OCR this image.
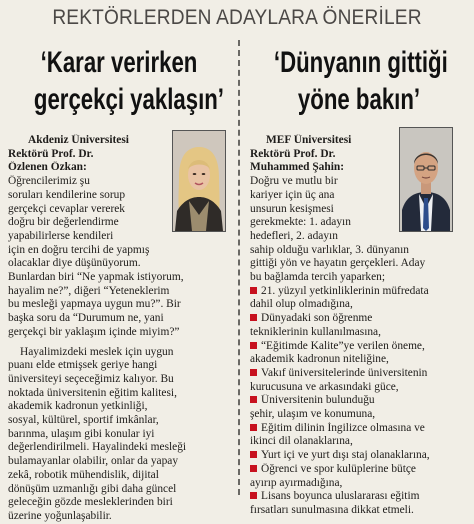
REKTÖRLERDEN ADAYLARA ÖNERİLER
‘Karar verirken
gerçekçi yaklaşın’
‘Dünyanın gittiği
yöne bakın’
Akdeniz Üniversitesi
Rektörü Prof. Dr.
Özlenen Özkan:
Öğrencilerimiz şu
soruları kendilerine sorup
gerçekçi cevaplar vererek
doğru bir değerlendirme
yapabilirlerse kendileri
için en doğru tercihi de yapmış
olacaklar diye düşünüyorum.
Bunlardan biri “Ne yapmak istiyorum,
hayalim ne?”, diğeri “Yeteneklerim
bu mesleği yapmaya uygun mu?”. Bir
başka soru da “Durumum ne, yani
gerçekçi bir yaklaşım içinde miyim?”
Hayalimizdeki meslek için uygun
puanı elde etmişsek geriye hangi
üniversiteyi seçeceğimiz kalıyor. Bu
noktada üniversitenin eğitim kalitesi,
akademik kadronun yetkinliği,
sosyal, kültürel, sportif imkânlar,
barınma, ulaşım gibi konular iyi
değerlendirilmeli. Hayalindeki mesleği
bulamayanlar olabilir, onlar da yapay
zekâ, robotik mühendislik, dijital
dönüşüm uzmanlığı gibi daha güncel
geleceğin gözde mesleklerinden biri
üzerine yoğunlaşabilir.
MEF Üniversitesi
Rektörü Prof. Dr.
Muhammed Şahin:
Doğru ve mutlu bir
kariyer için üç ana
unsurun kesişmesi
gerekmekte: 1. adayın
hedefleri, 2. adayın
sahip olduğu varlıklar, 3. dünyanın
gittiği yön ve hayatın gerçekleri. Aday
bu bağlamda tercih yaparken;
21. yüzyıl yetkinliklerinin müfredata
dahil olup olmadığına,
Dünyadaki son öğrenme
tekniklerinin kullanılmasına,
“Eğitimde Kalite”ye verilen öneme,
akademik kadronun niteliğine,
Vakıf üniversitelerinde üniversitenin
kurucusuna ve arkasındaki güce,
Üniversitenin bulunduğu
şehir, ulaşım ve konumuna,
Eğitim dilinin İngilizce olmasına ve
ikinci dil olanaklarına,
Yurt içi ve yurt dışı staj olanaklarına,
Öğrenci ve spor kulüplerine bütçe
ayırıp ayırmadığına,
Lisans boyunca uluslararası eğitim
fırsatları sunulmasına dikkat etmeli.
